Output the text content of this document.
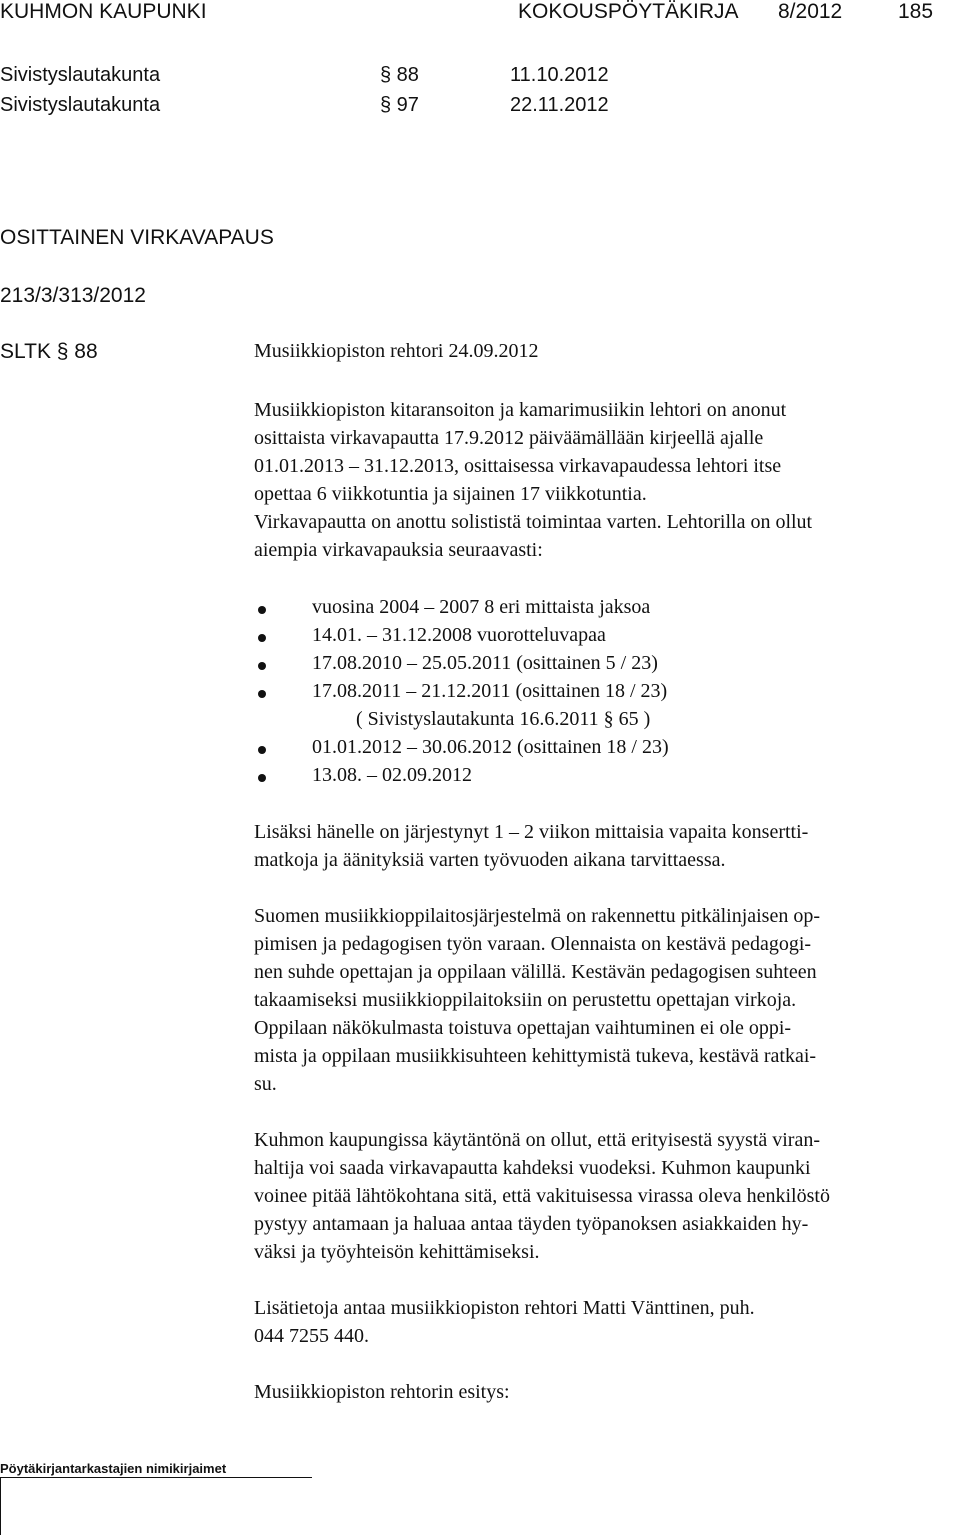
KUHMON KAUPUNKI	KOKOUSPÖYTÄKIRJA 8/2012	185
Sivistyslautakunta	§ 88	11.10.2012
Sivistyslautakunta	§ 97	22.11.2012
OSITTAINEN VIRKAVAPAUS
213/3/313/2012
SLTK § 88	Musiikkiopiston rehtori 24.09.2012
Musiikkiopiston kitaransoiton ja kamarimusiikin lehtori on anonut
osittaista virkavapautta 17.9.2012 päiväämällään kirjeellä ajalle
01.01.2013 – 31.12.2013, osittaisessa virkavapaudessa lehtori itse
opettaa 6 viikkotuntia ja sijainen 17 viikkotuntia.
Virkavapautta on anottu solististä toimintaa varten. Lehtorilla on ollut
aiempia virkavapauksia seuraavasti:
vuosina 2004 – 2007 8 eri mittaista jaksoa
14.01. – 31.12.2008 vuorotteluvapaa
17.08.2010 – 25.05.2011 (osittainen 5 / 23)
17.08.2011 – 21.12.2011 (osittainen 18 / 23)
( Sivistyslautakunta 16.6.2011 § 65 )
01.01.2012 – 30.06.2012 (osittainen 18 / 23)
13.08. – 02.09.2012
Lisäksi hänelle on järjestynyt 1 – 2 viikon mittaisia vapaita konsertti-
matkoja ja äänityksiä varten työvuoden aikana tarvittaessa.
Suomen musiikkioppilaitosjärjestelmä on rakennettu pitkälinjaisen op-
pimisen ja pedagogisen työn varaan. Olennaista on kestävä pedagogi-
nen suhde opettajan ja oppilaan välillä. Kestävän pedagogisen suhteen
takaamiseksi musiikkioppilaitoksiin on perustettu opettajan virkoja.
Oppilaan näkökulmasta toistuva opettajan vaihtuminen ei ole oppi-
mista ja oppilaan musiikkisuhteen kehittymistä tukeva, kestävä ratkai-
su.
Kuhmon kaupungissa käytäntönä on ollut, että erityisestä syystä viran-
haltija voi saada virkavapautta kahdeksi vuodeksi. Kuhmon kaupunki
voinee pitää lähtökohtana sitä, että vakituisessa virassa oleva henkilöstö
pystyy antamaan ja haluaa antaa täyden työpanoksen asiakkaiden hy-
väksi ja työyhteisön kehittämiseksi.
Lisätietoja antaa musiikkiopiston rehtori Matti Vänttinen, puh.
044 7255 440.
Musiikkiopiston rehtorin esitys:
Pöytäkirjantarkastajien nimikirjaimet
